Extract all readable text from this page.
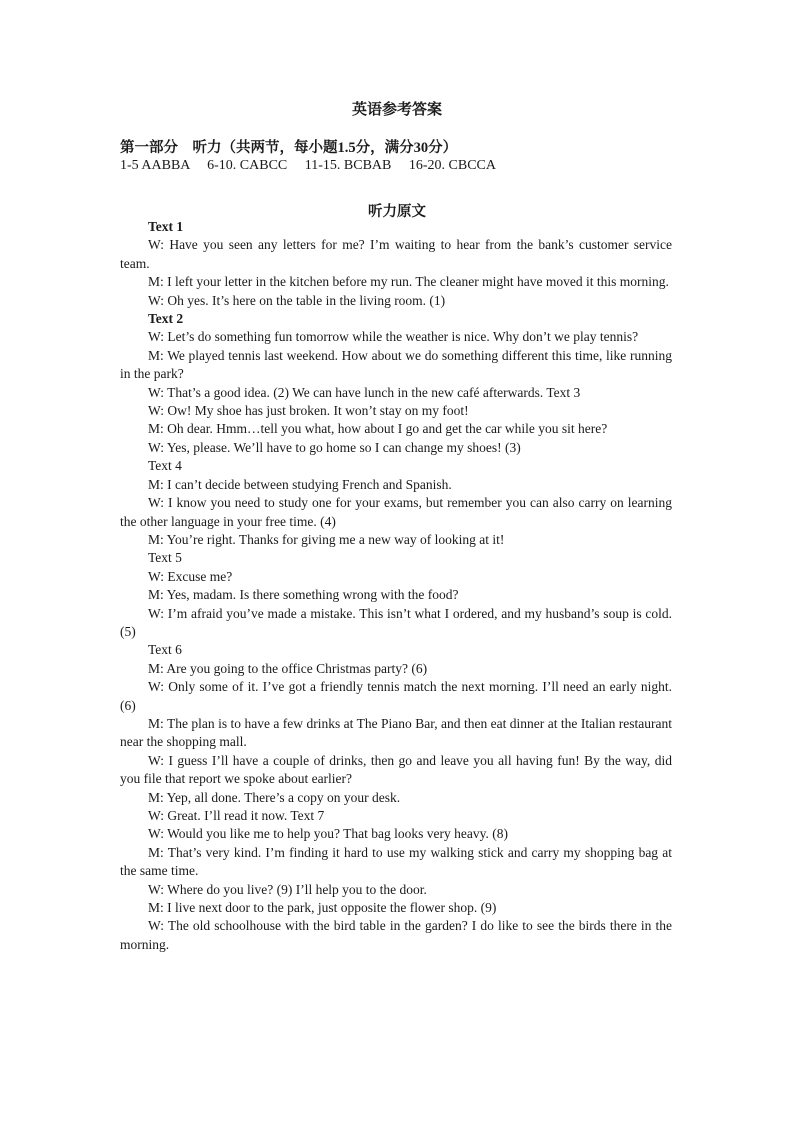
英语参考答案
第一部分　听力（共两节，每小题1.5分，满分30分）
1-5 AABBA     6-10. CABCC     11-15. BCBAB     16-20. CBCCA
听力原文

Text 1

W: Have you seen any letters for me? I’m waiting to hear from the bank’s customer service team.

M: I left your letter in the kitchen before my run. The cleaner might have moved it this morning.

W: Oh yes. It’s here on the table in the living room. (1)

Text 2

W: Let’s do something fun tomorrow while the weather is nice. Why don’t we play tennis?

M: We played tennis last weekend. How about we do something different this time, like running in the park?

W: That’s a good idea. (2) We can have lunch in the new café afterwards. Text 3

W: Ow! My shoe has just broken. It won’t stay on my foot!

M: Oh dear. Hmm…tell you what, how about I go and get the car while you sit here?

W: Yes, please. We’ll have to go home so I can change my shoes! (3)

Text 4

M: I can’t decide between studying French and Spanish.

W: I know you need to study one for your exams, but remember you can also carry on learning the other language in your free time. (4)

M: You’re right. Thanks for giving me a new way of looking at it!

Text 5

W: Excuse me?

M: Yes, madam. Is there something wrong with the food?

W: I’m afraid you’ve made a mistake. This isn’t what I ordered, and my husband’s soup is cold. (5)

Text 6

M: Are you going to the office Christmas party? (6)

W: Only some of it. I’ve got a friendly tennis match the next morning. I’ll need an early night. (6)

M: The plan is to have a few drinks at The Piano Bar, and then eat dinner at the Italian restaurant near the shopping mall.

W: I guess I’ll have a couple of drinks, then go and leave you all having fun! By the way, did you file that report we spoke about earlier?

M: Yep, all done. There’s a copy on your desk.

W: Great. I’ll read it now. Text 7

W: Would you like me to help you? That bag looks very heavy. (8)

M: That’s very kind. I’m finding it hard to use my walking stick and carry my shopping bag at the same time.

W: Where do you live? (9) I’ll help you to the door.

M: I live next door to the park, just opposite the flower shop. (9)

W: The old schoolhouse with the bird table in the garden? I do like to see the birds there in the morning.
